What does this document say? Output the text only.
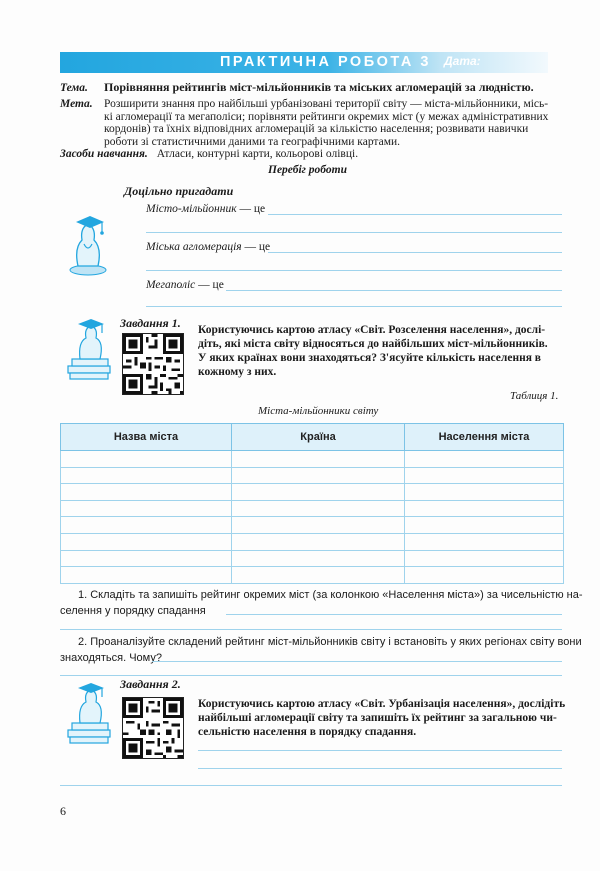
ПРАКТИЧНА РОБОТА 3 Дата:
Тема. Порівняння рейтингів міст-мільйонників та міських агломерацій за людністю.
Мета. Розширити знання про найбільші урбанізовані території світу — міста-мільйонники, місь-
кі агломерації та мегаполіси; порівняти рейтинги окремих міст (у межах адміністративних
кордонів) та їхніх відповідних агломерацій за кількістю населення; розвивати навички
роботи зі статистичними даними та географічними картами.
Засоби навчання. Атласи, контурні карти, кольорові олівці.
Перебіг роботи
Доцільно пригадати
Місто-мільйонник — це
Міська агломерація — це
Мегаполіс — це
Завдання 1. Користуючись картою атласу «Світ. Розселення населення», дослі-
діть, які міста світу відносяться до найбільших міст-мільйонників.
У яких країнах вони знаходяться? З'ясуйте кількість населення в
кожному з них.
Таблиця 1.
Міста-мільйонники світу
Назва міста	Країна	Населення міста

1. Складіть та запишіть рейтинг окремих міст (за колонкою «Населення міста») за чисельністю на-
селення у порядку спадання
2. Проаналізуйте складений рейтинг міст-мільйонників світу і встановіть у яких регіонах світу вони
знаходяться. Чому?
Завдання 2.
Користуючись картою атласу «Світ. Урбанізація населення», дослідіть
найбільші агломерації світу та запишіть їх рейтинг за загальною чи-
сельністю населення в порядку спадання.
6
